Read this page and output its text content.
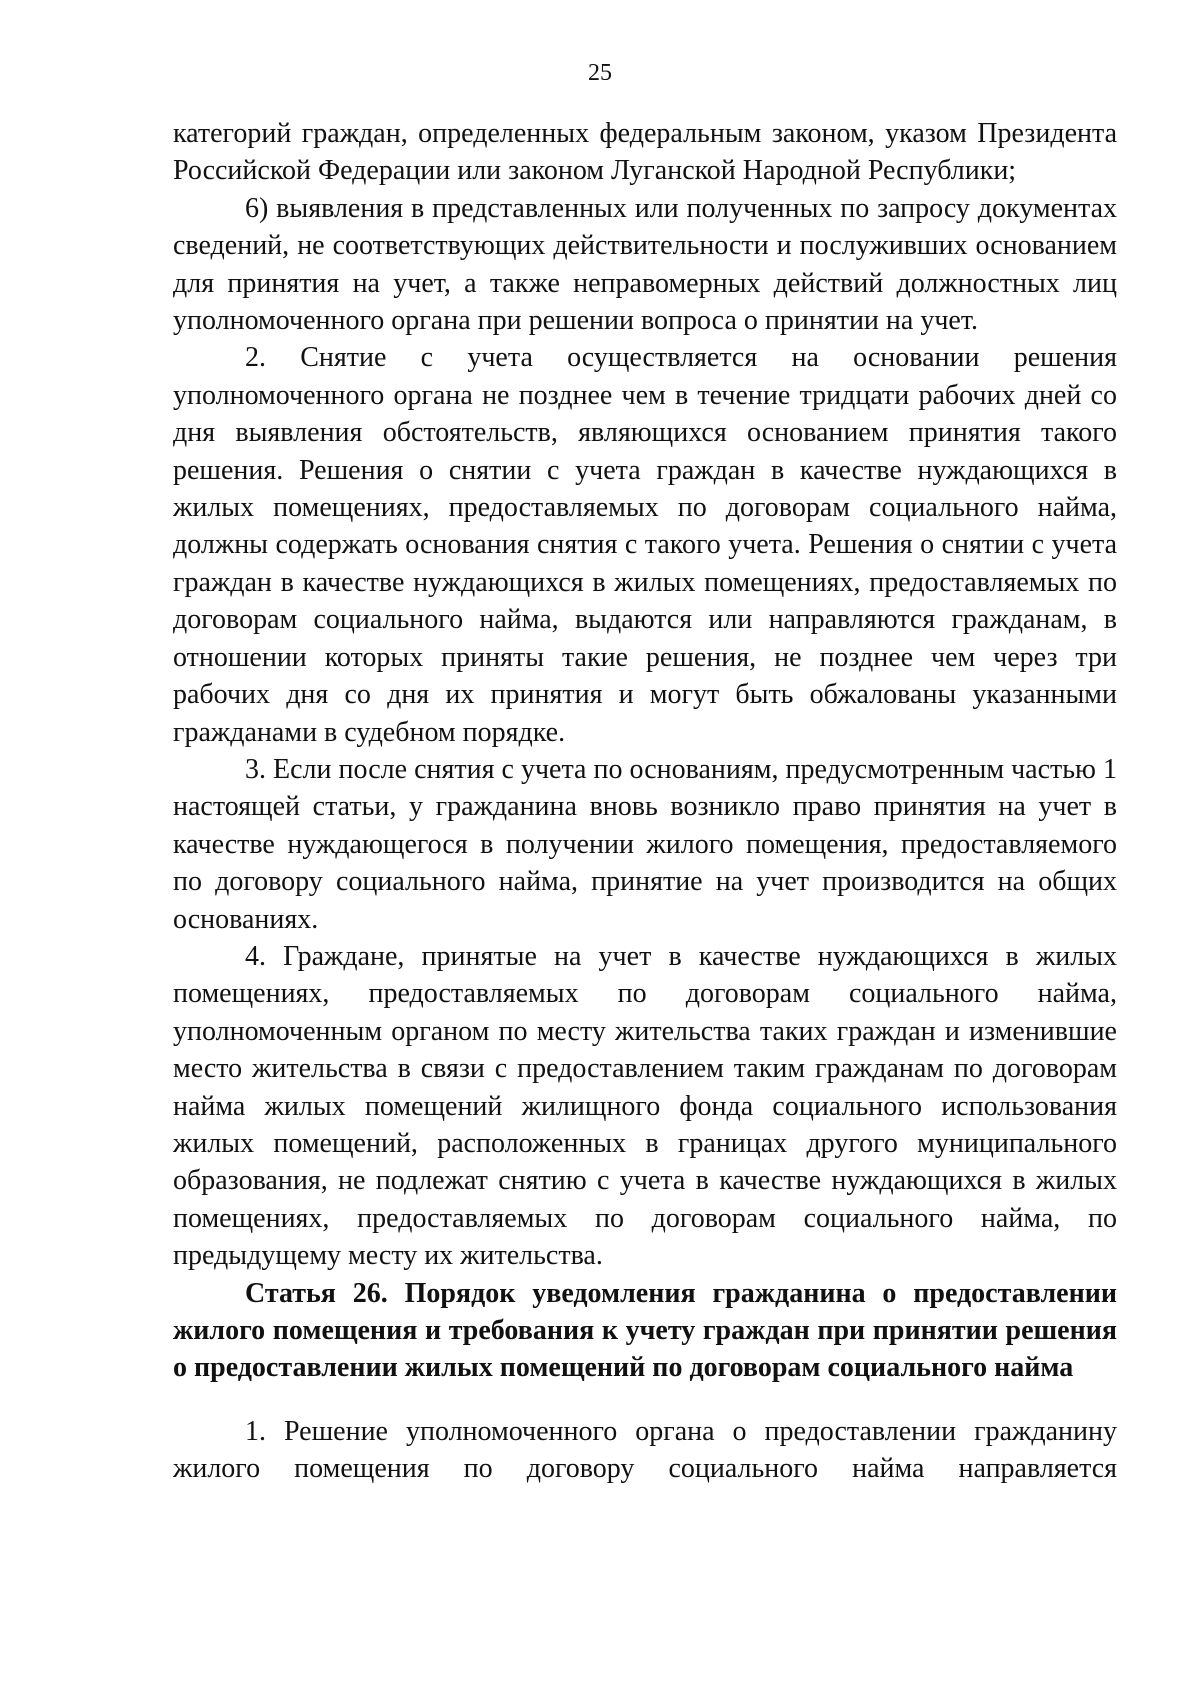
25

категорий граждан, определенных федеральным законом, указом Президента Российской Федерации или законом Луганской Народной Республики;

6) выявления в представленных или полученных по запросу документах сведений, не соответствующих действительности и послуживших основанием для принятия на учет, а также неправомерных действий должностных лиц уполномоченного органа при решении вопроса о принятии на учет.

2. Снятие с учета осуществляется на основании решения уполномоченного органа не позднее чем в течение тридцати рабочих дней со дня выявления обстоятельств, являющихся основанием принятия такого решения. Решения о снятии с учета граждан в качестве нуждающихся в жилых помещениях, предоставляемых по договорам социального найма, должны содержать основания снятия с такого учета. Решения о снятии с учета граждан в качестве нуждающихся в жилых помещениях, предоставляемых по договорам социального найма, выдаются или направляются гражданам, в отношении которых приняты такие решения, не позднее чем через три рабочих дня со дня их принятия и могут быть обжалованы указанными гражданами в судебном порядке.

3. Если после снятия с учета по основаниям, предусмотренным частью 1 настоящей статьи, у гражданина вновь возникло право принятия на учет в качестве нуждающегося в получении жилого помещения, предоставляемого по договору социального найма, принятие на учет производится на общих основаниях.

4. Граждане, принятые на учет в качестве нуждающихся в жилых помещениях, предоставляемых по договорам социального найма, уполномоченным органом по месту жительства таких граждан и изменившие место жительства в связи с предоставлением таким гражданам по договорам найма жилых помещений жилищного фонда социального использования жилых помещений, расположенных в границах другого муниципального образования, не подлежат снятию с учета в качестве нуждающихся в жилых помещениях, предоставляемых по договорам социального найма, по предыдущему месту их жительства.

Статья 26. Порядок уведомления гражданина о предоставлении жилого помещения и требования к учету граждан при принятии решения о предоставлении жилых помещений по договорам социального найма

1. Решение уполномоченного органа о предоставлении гражданину жилого помещения по договору социального найма направляется
